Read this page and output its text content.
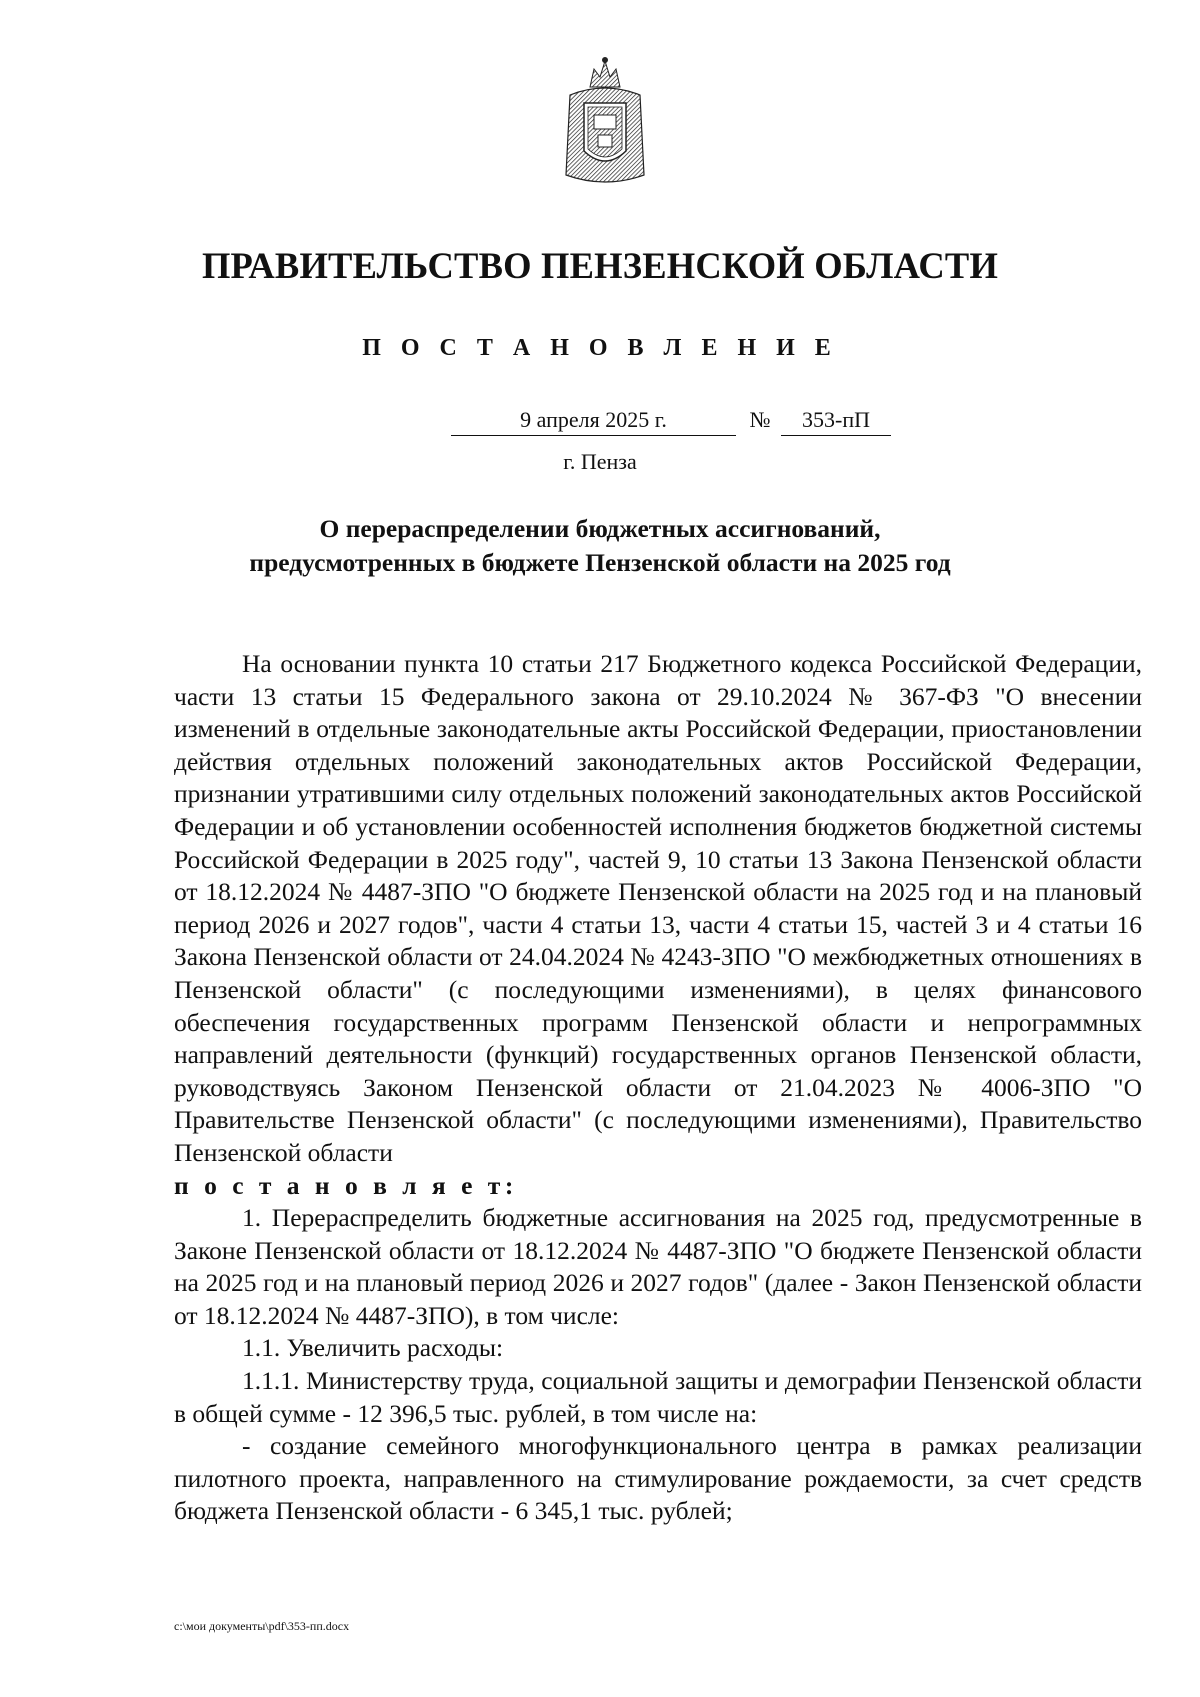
ПРАВИТЕЛЬСТВО ПЕНЗЕНСКОЙ ОБЛАСТИ
П О С Т А Н О В Л Е Н И Е
9 апреля 2025 г.	№	353-пП
г. Пенза
О перераспределении бюджетных ассигнований,
предусмотренных в бюджете Пензенской области на 2025 год

На основании пункта 10 статьи 217 Бюджетного кодекса Российской Федерации, части 13 статьи 15 Федерального закона от 29.10.2024 № 367-ФЗ "О внесении изменений в отдельные законодательные акты Российской Федерации, приостановлении действия отдельных положений законодательных актов Российской Федерации, признании утратившими силу отдельных положений законодательных актов Российской Федерации и об установлении особенностей исполнения бюджетов бюджетной системы Российской Федерации в 2025 году", частей 9, 10 статьи 13 Закона Пензенской области от 18.12.2024 № 4487-ЗПО "О бюджете Пензенской области на 2025 год и на плановый период 2026 и 2027 годов", части 4 статьи 13, части 4 статьи 15, частей 3 и 4 статьи 16 Закона Пензенской области от 24.04.2024 № 4243-ЗПО "О межбюджетных отношениях в Пензенской области" (с последующими изменениями), в целях финансового обеспечения государственных программ Пензенской области и непрограммных направлений деятельности (функций) государственных органов Пензенской области, руководствуясь Законом Пензенской области от 21.04.2023 № 4006-ЗПО "О Правительстве Пензенской области" (с последующими изменениями), Правительство Пензенской области

п о с т а н о в л я е т:

1. Перераспределить бюджетные ассигнования на 2025 год, предусмотренные в Законе Пензенской области от 18.12.2024 № 4487-ЗПО "О бюджете Пензенской области на 2025 год и на плановый период 2026 и 2027 годов" (далее - Закон Пензенской области от 18.12.2024 № 4487-ЗПО), в том числе:

1.1. Увеличить расходы:

1.1.1. Министерству труда, социальной защиты и демографии Пензенской области в общей сумме - 12 396,5 тыс. рублей, в том числе на:

- создание семейного многофункционального центра в рамках реализации пилотного проекта, направленного на стимулирование рождаемости, за счет средств бюджета Пензенской области - 6 345,1 тыс. рублей;

c:\мои документы\pdf\353-пп.docx
